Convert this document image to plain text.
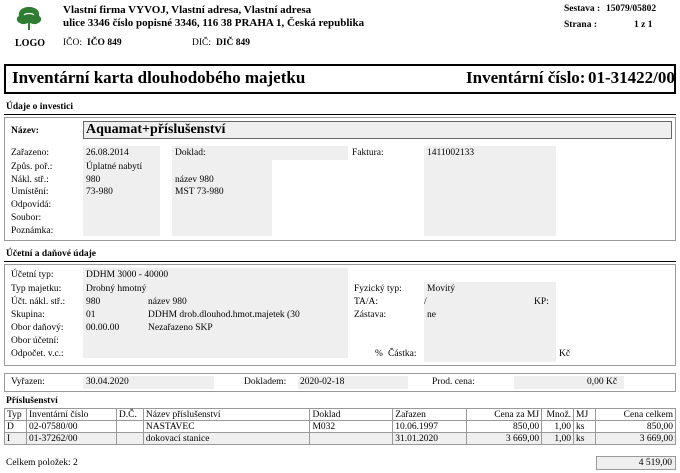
LOGO
Vlastní firma VYVOJ, Vlastní adresa, Vlastní adresa
ulice 3346 číslo popisné 3346, 116 38 PRAHA 1, Česká republika
IČO: IČO 849	DIČ: DIČ 849
Sestava : 15079/05802
Strana :	1 z 1
Inventární karta dlouhodobého majetku	Inventární číslo: 01-31422/00
Údaje o investici
Název:	Aquamat+příslušenství
Zařazeno:	26.08.2014	Doklad:	Faktura:	1411002133
Způs. poř.:	Úplatné nabytí
Nákl. stř.:	980	název 980
Umístění:	73-980	MST 73-980
Odpovídá:
Soubor:
Poznámka:
Účetní a daňové údaje
Účetní typ:	DDHM 3000 - 40000
Typ majetku:	Drobný hmotný	Fyzický typ:	Movitý
Účt. nákl. stř.: 980	název 980	TA/A:	/	KP:
Skupina:	01	DDHM drob.dlouhod.hmot.majetek (30	Zástava:	ne
Obor daňový: 00.00.00	Nezařazeno SKP
Obor účetní:
Odpočet. v.c.:	% Částka:	Kč
Vyřazen:	30.04.2020	Dokladem: 2020-02-18	Prod. cena:	0,00 Kč
Příslušenství
Typ	Inventární číslo	D.Č.	Název příslušenství	Doklad	Zařazen	Cena za MJ	Množ.	MJ	Cena celkem
D	02-07580/00		NASTAVEC	M032	10.06.1997	850,00	1,00	ks	850,00
I	01-37262/00		dokovací stanice		31.01.2020	3 669,00	1,00	ks	3 669,00
Celkem položek: 2	4 519,00
